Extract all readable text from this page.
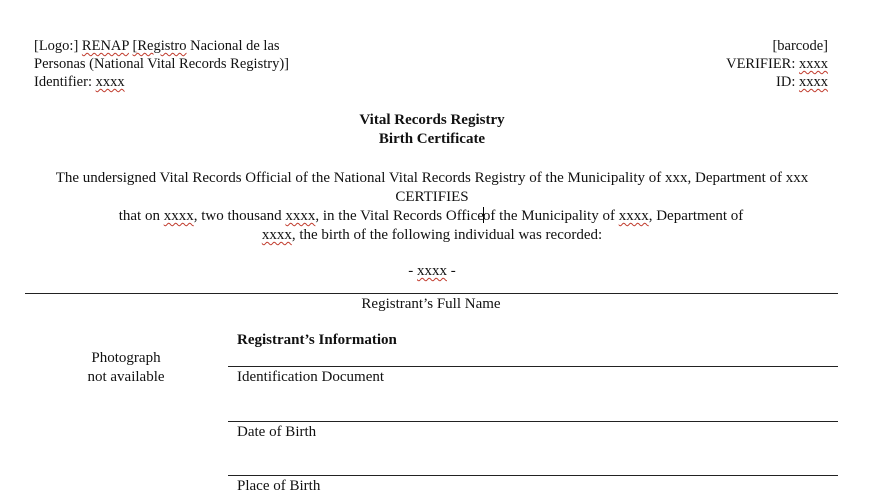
[Logo:] RENAP [Registro Nacional de las
Personas (National Vital Records Registry)]
Identifier: xxxx
[barcode]
VERIFIER: xxxx
ID: xxxx
Vital Records Registry
Birth Certificate
The undersigned Vital Records Official of the National Vital Records Registry of the Municipality of xxx, Department of xxx
CERTIFIES
that on xxxx, two thousand xxxx, in the Vital Records Officeof the Municipality of xxxx, Department of
xxxx, the birth of the following individual was recorded:
- xxxx -
Registrant’s Full Name
Photograph
not available
Registrant’s Information
Identification Document
Date of Birth
Place of Birth
